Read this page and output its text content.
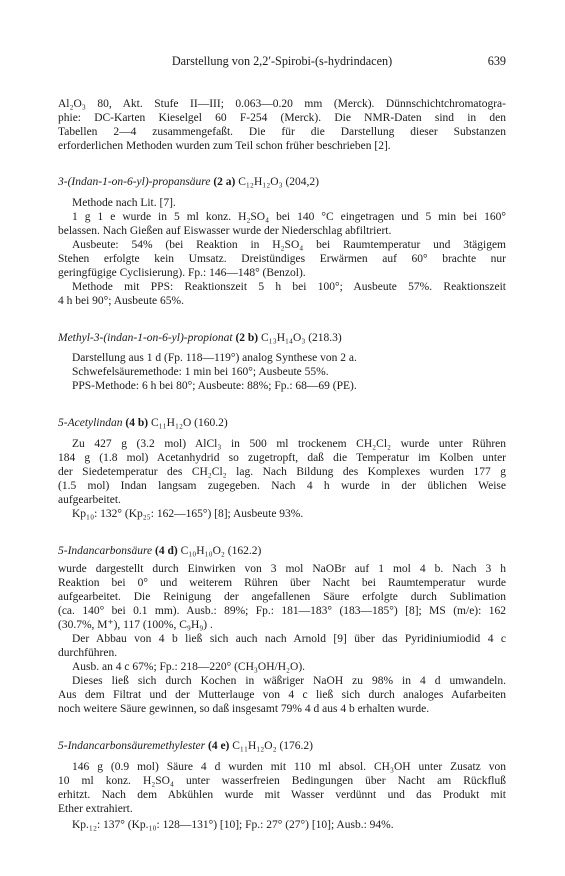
Darstellung von 2,2′-Spirobi-(s-hydrindacen)	639
Al₂O₃ 80, Akt. Stufe II—III; 0.063—0.20 mm (Merck). Dünnschichtchromatogra-
phie: DC-Karten Kieselgel 60 F-254 (Merck). Die NMR-Daten sind in den
Tabellen 2—4 zusammengefaßt. Die für die Darstellung dieser Substanzen
erforderlichen Methoden wurden zum Teil schon früher beschrieben [2].
3-(Indan-1-on-6-yl)-propansäure (2 a) C₁₂H₁₂O₃ (204,2)
Methode nach Lit. [7].
1 g 1 e wurde in 5 ml konz. H₂SO₄ bei 140 °C eingetragen und 5 min bei 160°
belassen. Nach Gießen auf Eiswasser wurde der Niederschlag abfiltriert.
Ausbeute: 54% (bei Reaktion in H₂SO₄ bei Raumtemperatur und 3tägigem
Stehen erfolgte kein Umsatz. Dreistündiges Erwärmen auf 60° brachte nur
geringfügige Cyclisierung). Fp.: 146—148° (Benzol).
Methode mit PPS: Reaktionszeit 5 h bei 100°; Ausbeute 57%. Reaktionszeit
4 h bei 90°; Ausbeute 65%.
Methyl-3-(indan-1-on-6-yl)-propionat (2 b) C₁₃H₁₄O₃ (218.3)
Darstellung aus 1 d (Fp. 118—119°) analog Synthese von 2 a.
Schwefelsäuremethode: 1 min bei 160°; Ausbeute 55%.
PPS-Methode: 6 h bei 80°; Ausbeute: 88%; Fp.: 68—69 (PE).
5-Acetylindan (4 b) C₁₁H₁₂O (160.2)
Zu 427 g (3.2 mol) AlCl₃ in 500 ml trockenem CH₂Cl₂ wurde unter Rühren
184 g (1.8 mol) Acetanhydrid so zugetropft, daß die Temperatur im Kolben unter
der Siedetemperatur des CH₂Cl₂ lag. Nach Bildung des Komplexes wurden 177 g
(1.5 mol) Indan langsam zugegeben. Nach 4 h wurde in der üblichen Weise
aufgearbeitet.
Kp₁₀: 132° (Kp₂₅: 162—165°) [8]; Ausbeute 93%.
5-Indancarbonsäure (4 d) C₁₀H₁₀O₂ (162.2)
wurde dargestellt durch Einwirken von 3 mol NaOBr auf 1 mol 4 b. Nach 3 h
Reaktion bei 0° und weiterem Rühren über Nacht bei Raumtemperatur wurde
aufgearbeitet. Die Reinigung der angefallenen Säure erfolgte durch Sublimation
(ca. 140° bei 0.1 mm). Ausb.: 89%; Fp.: 181—183° (183—185°) [8]; MS (m/e): 162
(30.7%, M⁺), 117 (100%, C₉H₉) .
Der Abbau von 4 b ließ sich auch nach Arnold [9] über das Pyridiniumiodid 4 c
durchführen.
Ausb. an 4 c 67%; Fp.: 218—220° (CH₃OH/H₂O).
Dieses ließ sich durch Kochen in wäßriger NaOH zu 98% in 4 d umwandeln.
Aus dem Filtrat und der Mutterlauge von 4 c ließ sich durch analoges Aufarbeiten
noch weitere Säure gewinnen, so daß insgesamt 79% 4 d aus 4 b erhalten wurde.
5-Indancarbonsäuremethylester (4 e) C₁₁H₁₂O₂ (176.2)
146 g (0.9 mol) Säure 4 d wurden mit 110 ml absol. CH₃OH unter Zusatz von
10 ml konz. H₂SO₄ unter wasserfreien Bedingungen über Nacht am Rückfluß
erhitzt. Nach dem Abkühlen wurde mit Wasser verdünnt und das Produkt mit
Ether extrahiert.
Kp.₁₂: 137° (Kp.₁₀: 128—131°) [10]; Fp.: 27° (27°) [10]; Ausb.: 94%.
